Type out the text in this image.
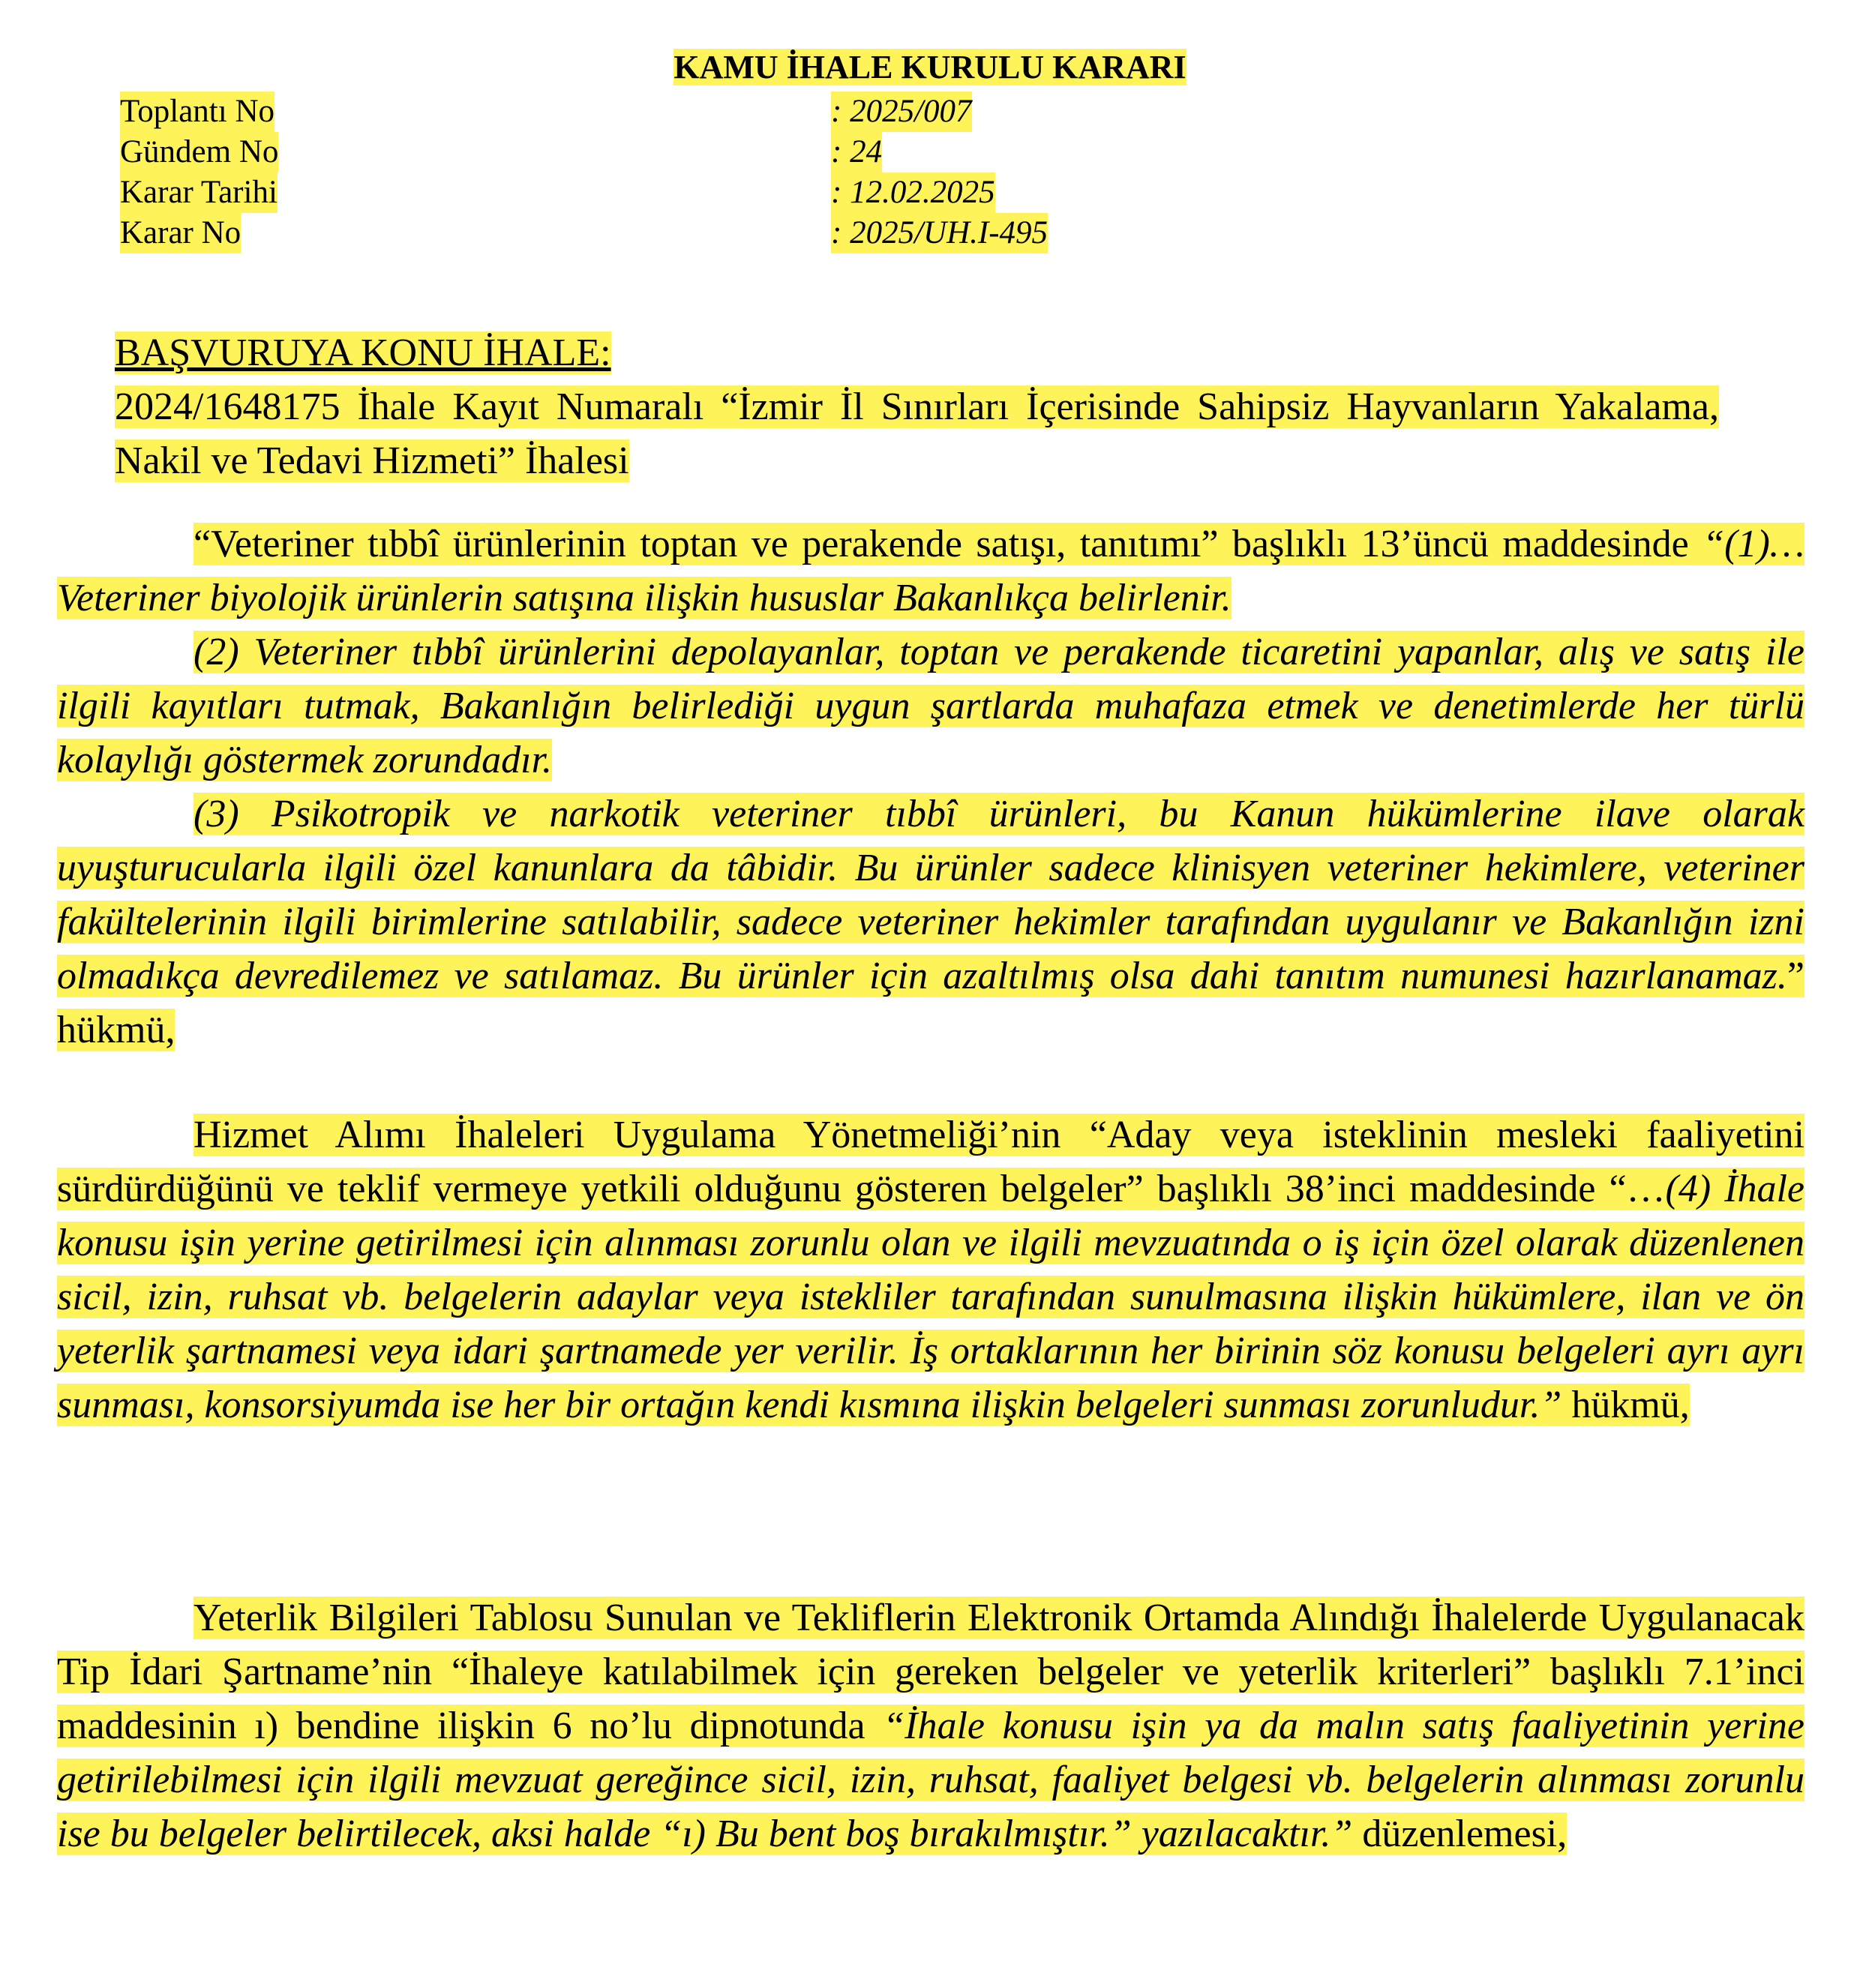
KAMU İHALE KURULU KARARI
Toplantı No	: 2025/007
Gündem No	: 24
Karar Tarihi	: 12.02.2025
Karar No	: 2025/UH.I-495
BAŞVURUYA KONU İHALE:
2024/1648175 İhale Kayıt Numaralı “İzmir İl Sınırları İçerisinde Sahipsiz Hayvanların Yakalama, Nakil ve Tedavi Hizmeti” İhalesi

“Veteriner tıbbî ürünlerinin toptan ve perakende satışı, tanıtımı” başlıklı 13’üncü maddesinde “(1)…Veteriner biyolojik ürünlerin satışına ilişkin hususlar Bakanlıkça belirlenir.

(2) Veteriner tıbbî ürünlerini depolayanlar, toptan ve perakende ticaretini yapanlar, alış ve satış ile ilgili kayıtları tutmak, Bakanlığın belirlediği uygun şartlarda muhafaza etmek ve denetimlerde her türlü kolaylığı göstermek zorundadır.

(3) Psikotropik ve narkotik veteriner tıbbî ürünleri, bu Kanun hükümlerine ilave olarak uyuşturucularla ilgili özel kanunlara da tâbidir. Bu ürünler sadece klinisyen veteriner hekimlere, veteriner fakültelerinin ilgili birimlerine satılabilir, sadece veteriner hekimler tarafından uygulanır ve Bakanlığın izni olmadıkça devredilemez ve satılamaz. Bu ürünler için azaltılmış olsa dahi tanıtım numunesi hazırlanamaz.” hükmü,

Hizmet Alımı İhaleleri Uygulama Yönetmeliği’nin “Aday veya isteklinin mesleki faaliyetini sürdürdüğünü ve teklif vermeye yetkili olduğunu gösteren belgeler” başlıklı 38’inci maddesinde “…(4) İhale konusu işin yerine getirilmesi için alınması zorunlu olan ve ilgili mevzuatında o iş için özel olarak düzenlenen sicil, izin, ruhsat vb. belgelerin adaylar veya istekliler tarafından sunulmasına ilişkin hükümlere, ilan ve ön yeterlik şartnamesi veya idari şartnamede yer verilir. İş ortaklarının her birinin söz konusu belgeleri ayrı ayrı sunması, konsorsiyumda ise her bir ortağın kendi kısmına ilişkin belgeleri sunması zorunludur.” hükmü,

Yeterlik Bilgileri Tablosu Sunulan ve Tekliflerin Elektronik Ortamda Alındığı İhalelerde Uygulanacak Tip İdari Şartname’nin “İhaleye katılabilmek için gereken belgeler ve yeterlik kriterleri” başlıklı 7.1’inci maddesinin ı) bendine ilişkin 6 no’lu dipnotunda “İhale konusu işin ya da malın satış faaliyetinin yerine getirilebilmesi için ilgili mevzuat gereğince sicil, izin, ruhsat, faaliyet belgesi vb. belgelerin alınması zorunlu ise bu belgeler belirtilecek, aksi halde “ı) Bu bent boş bırakılmıştır.” yazılacaktır.” düzenlemesi,
